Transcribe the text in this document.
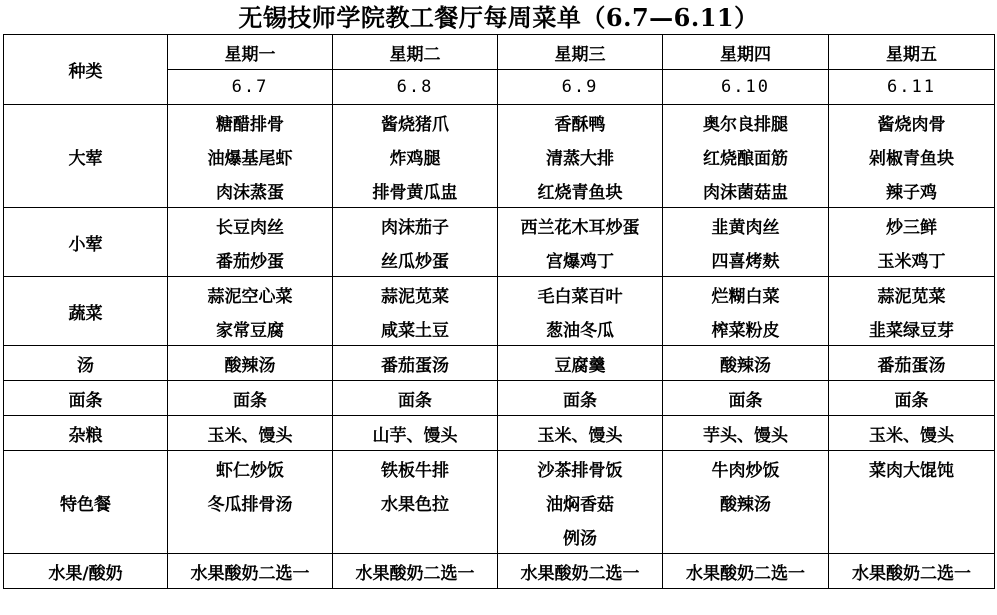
无锡技师学院教工餐厅每周菜单（6.7—6.11）
种类	星期一	星期二	星期三	星期四	星期五
	6.7	6.8	6.9	6.10	6.11
大荤	糖醋排骨	酱烧猪爪	香酥鸭	奥尔良排腿	酱烧肉骨
	油爆基尾虾	炸鸡腿	清蒸大排	红烧酿面筋	剁椒青鱼块
	肉沫蒸蛋	排骨黄瓜盅	红烧青鱼块	肉沫菌菇盅	辣子鸡
小荤	长豆肉丝	肉沫茄子	西兰花木耳炒蛋	韭黄肉丝	炒三鲜
	番茄炒蛋	丝瓜炒蛋	宫爆鸡丁	四喜烤麸	玉米鸡丁
蔬菜	蒜泥空心菜	蒜泥苋菜	毛白菜百叶	烂糊白菜	蒜泥苋菜
	家常豆腐	咸菜土豆	葱油冬瓜	榨菜粉皮	韭菜绿豆芽
汤	酸辣汤	番茄蛋汤	豆腐羹	酸辣汤	番茄蛋汤
面条	面条	面条	面条	面条	面条
杂粮	玉米、馒头	山芋、馒头	玉米、馒头	芋头、馒头	玉米、馒头
特色餐	虾仁炒饭	铁板牛排	沙茶排骨饭	牛肉炒饭	菜肉大馄饨
	冬瓜排骨汤	水果色拉	油焖香菇	酸辣汤	
			例汤		
水果/酸奶	水果酸奶二选一	水果酸奶二选一	水果酸奶二选一	水果酸奶二选一	水果酸奶二选一
